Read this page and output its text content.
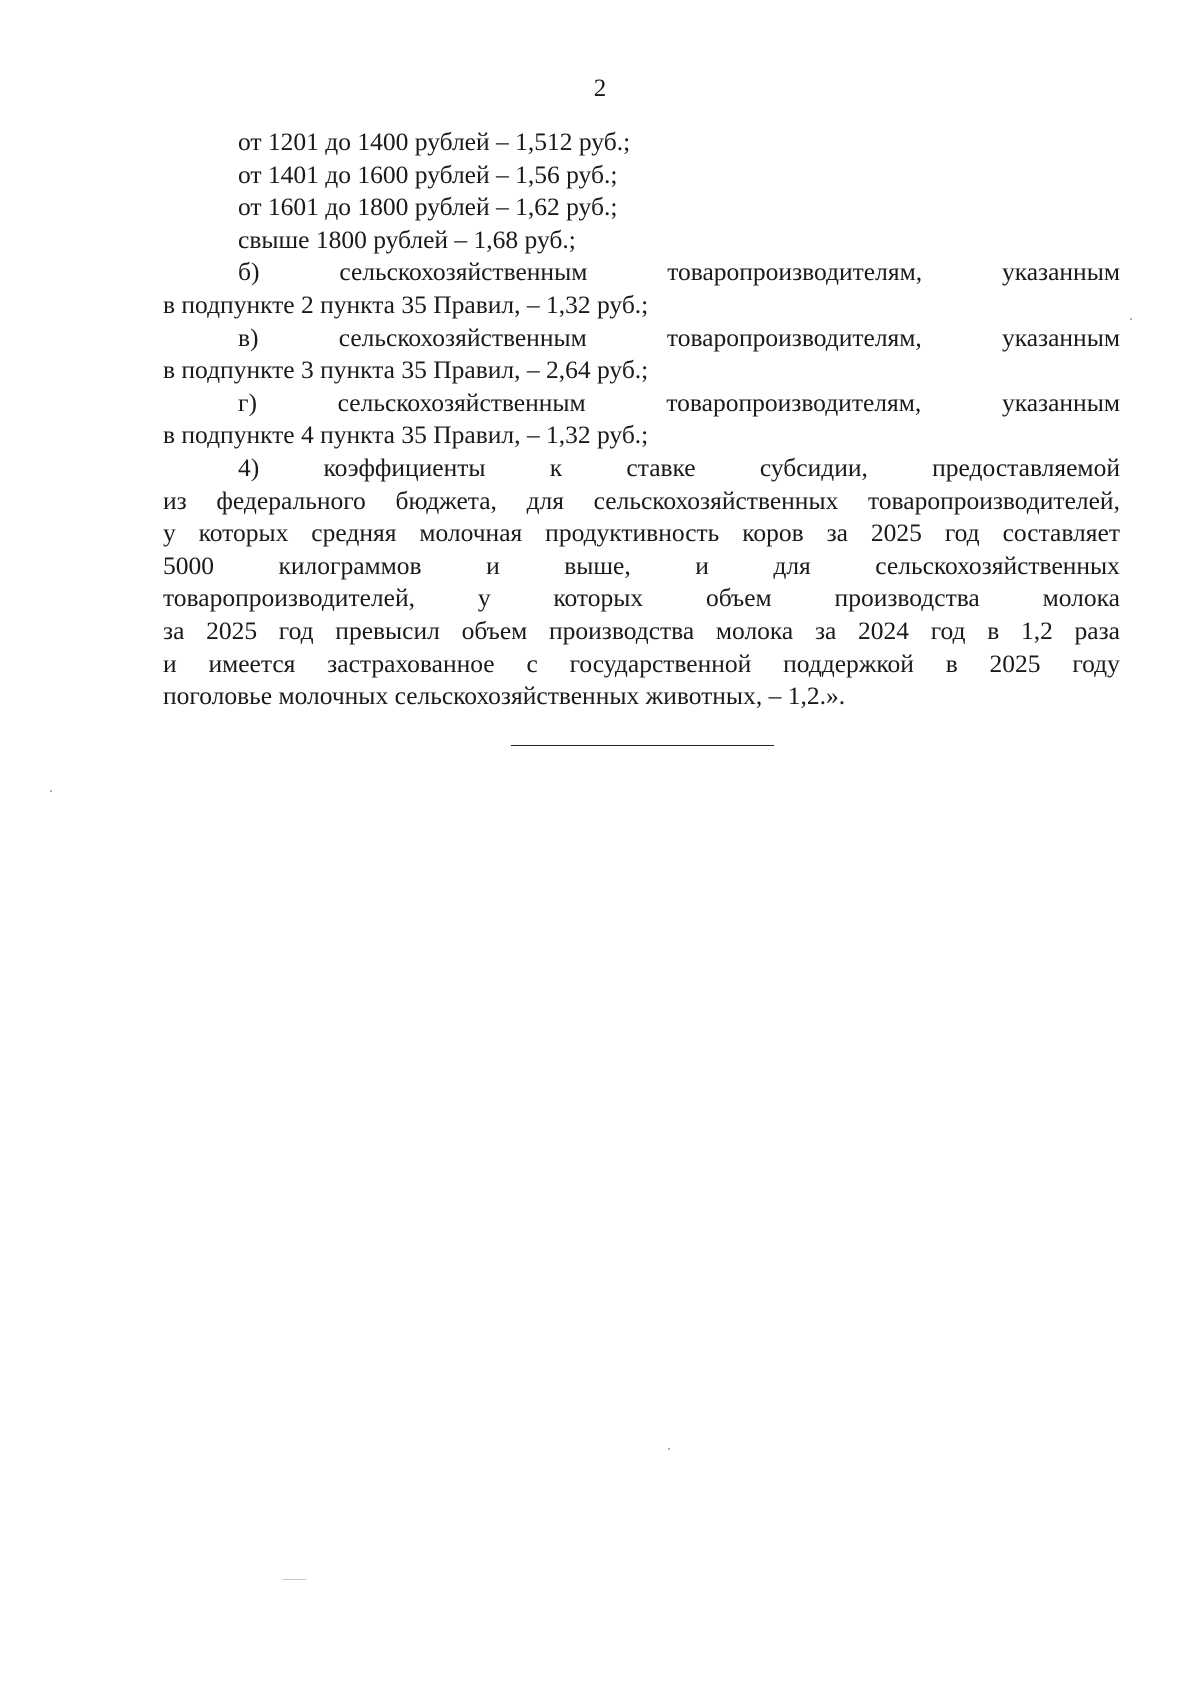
2
от 1201 до 1400 рублей – 1,512 руб.;
от 1401 до 1600 рублей – 1,56 руб.;
от 1601 до 1800 рублей – 1,62 руб.;
свыше 1800 рублей – 1,68 руб.;
б)	сельскохозяйственным	товаропроизводителям,	указанным
в подпункте 2 пункта 35 Правил, – 1,32 руб.;
в)	сельскохозяйственным	товаропроизводителям,	указанным
в подпункте 3 пункта 35 Правил, – 2,64 руб.;
г)	сельскохозяйственным	товаропроизводителям,	указанным
в подпункте 4 пункта 35 Правил, – 1,32 руб.;
4)	коэффициенты	к	ставке	субсидии,	предоставляемой
из федерального бюджета, для сельскохозяйственных товаропроизводителей,
у которых средняя молочная продуктивность коров за 2025 год составляет
5000	килограммов	и	выше,	и	для	сельскохозяйственных
товаропроизводителей, у которых объем производства молока
за 2025 год превысил объем производства молока за 2024 год в 1,2 раза
и имеется застрахованное с государственной поддержкой в 2025 году
поголовье молочных сельскохозяйственных животных, – 1,2.».
